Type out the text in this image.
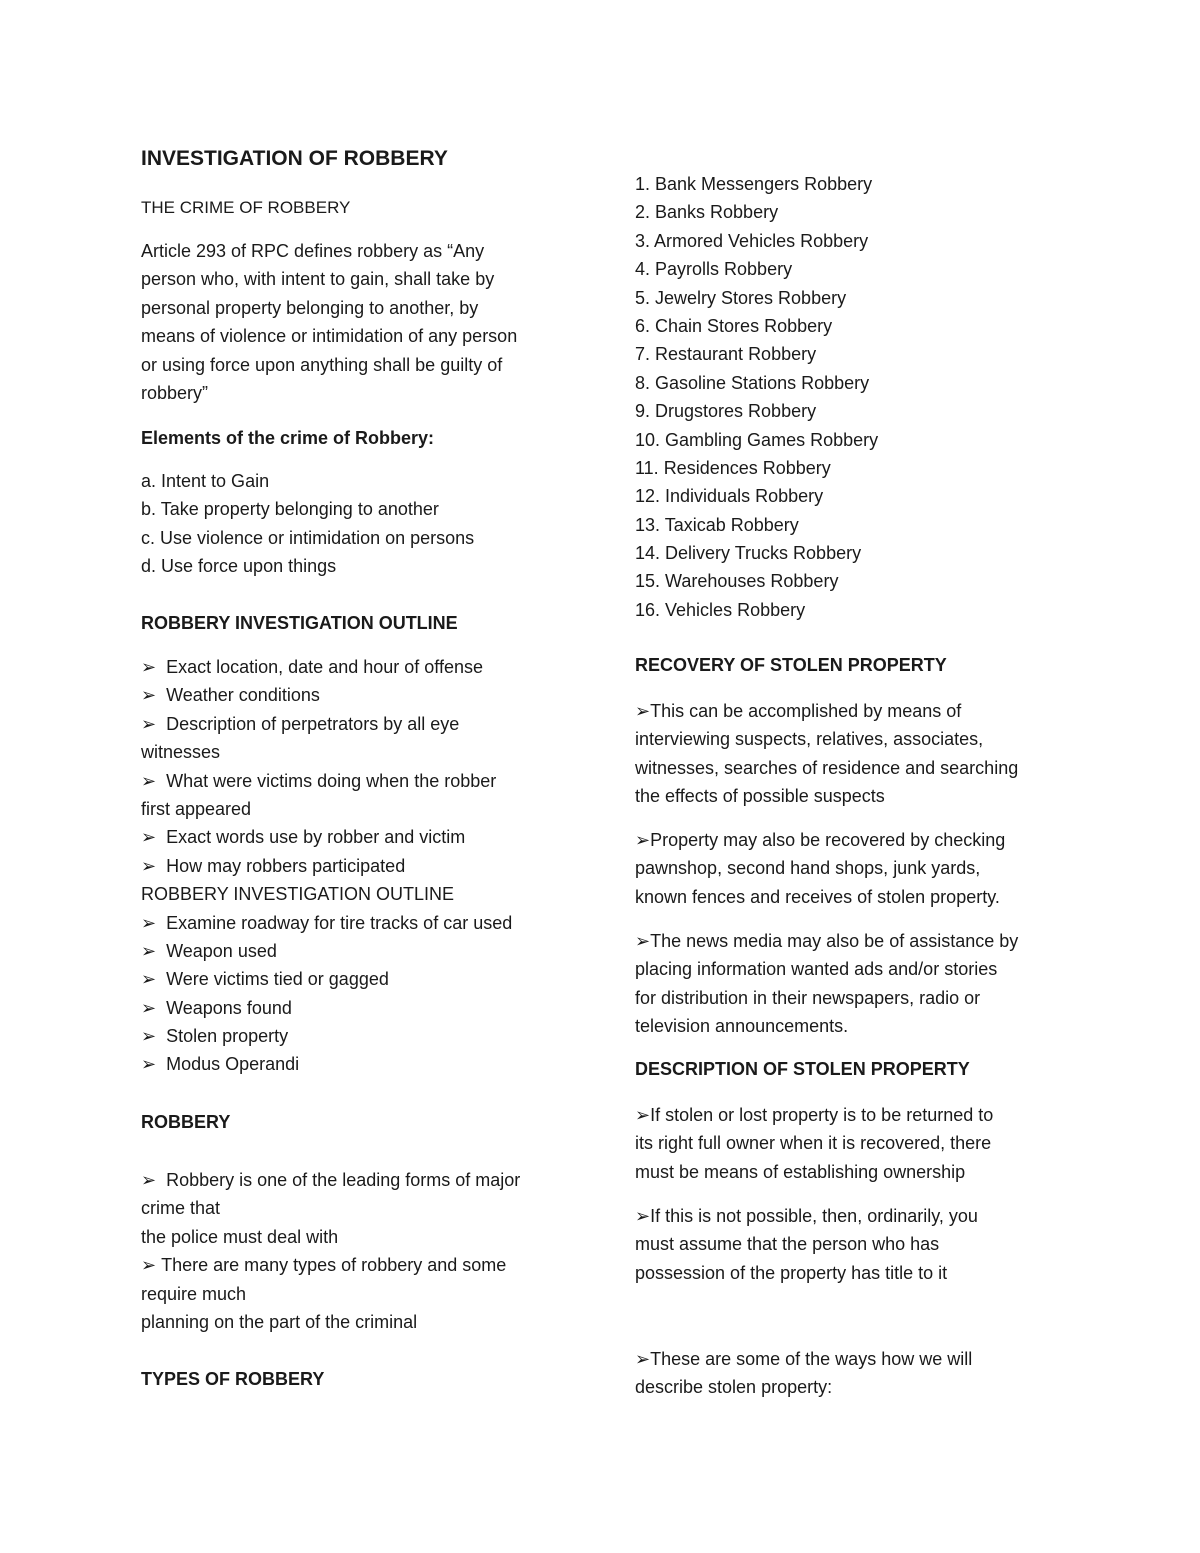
INVESTIGATION OF ROBBERY
THE CRIME OF ROBBERY
Article 293 of RPC defines robbery as “Any
person who, with intent to gain, shall take by
personal property belonging to another, by
means of violence or intimidation of any person
or using force upon anything shall be guilty of
robbery”
Elements of the crime of Robbery:
a. Intent to Gain
b. Take property belonging to another
c. Use violence or intimidation on persons
d. Use force upon things
ROBBERY INVESTIGATION OUTLINE
➢  Exact location, date and hour of offense
➢  Weather conditions
➢  Description of perpetrators by all eye
witnesses
➢  What were victims doing when the robber
first appeared
➢  Exact words use by robber and victim
➢  How may robbers participated
ROBBERY INVESTIGATION OUTLINE
➢  Examine roadway for tire tracks of car used
➢  Weapon used
➢  Were victims tied or gagged
➢  Weapons found
➢  Stolen property
➢  Modus Operandi
ROBBERY
➢  Robbery is one of the leading forms of major
crime that
the police must deal with
➢ There are many types of robbery and some
require much
planning on the part of the criminal
TYPES OF ROBBERY
1. Bank Messengers Robbery
2. Banks Robbery
3. Armored Vehicles Robbery
4. Payrolls Robbery
5. Jewelry Stores Robbery
6. Chain Stores Robbery
7. Restaurant Robbery
8. Gasoline Stations Robbery
9. Drugstores Robbery
10. Gambling Games Robbery
11. Residences Robbery
12. Individuals Robbery
13. Taxicab Robbery
14. Delivery Trucks Robbery
15. Warehouses Robbery
16. Vehicles Robbery
RECOVERY OF STOLEN PROPERTY
➢This can be accomplished by means of
interviewing suspects, relatives, associates,
witnesses, searches of residence and searching
the effects of possible suspects
➢Property may also be recovered by checking
pawnshop, second hand shops, junk yards,
known fences and receives of stolen property.
➢The news media may also be of assistance by
placing information wanted ads and/or stories
for distribution in their newspapers, radio or
television announcements.
DESCRIPTION OF STOLEN PROPERTY
➢If stolen or lost property is to be returned to
its right full owner when it is recovered, there
must be means of establishing ownership
➢If this is not possible, then, ordinarily, you
must assume that the person who has
possession of the property has title to it
➢These are some of the ways how we will
describe stolen property:
